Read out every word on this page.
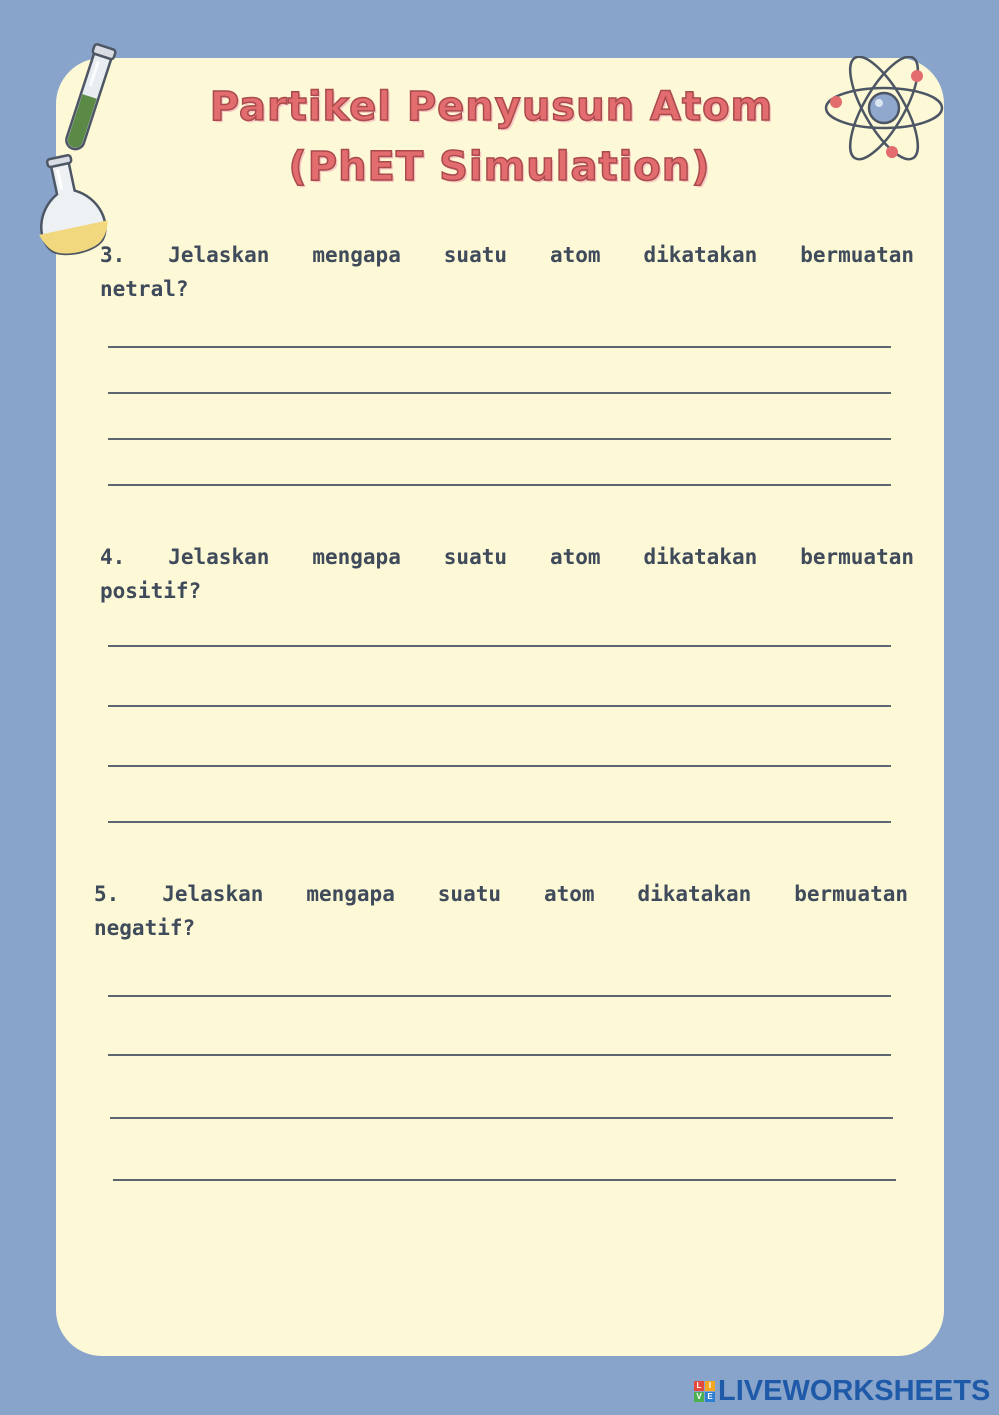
Partikel Penyusun Atom
(PhET Simulation)
3. Jelaskan mengapa suatu atom dikatakan bermuatan
netral?
4. Jelaskan mengapa suatu atom dikatakan bermuatan
positif?
5. Jelaskan mengapa suatu atom dikatakan bermuatan
negatif?
L I
V E LIVEWORKSHEETS
